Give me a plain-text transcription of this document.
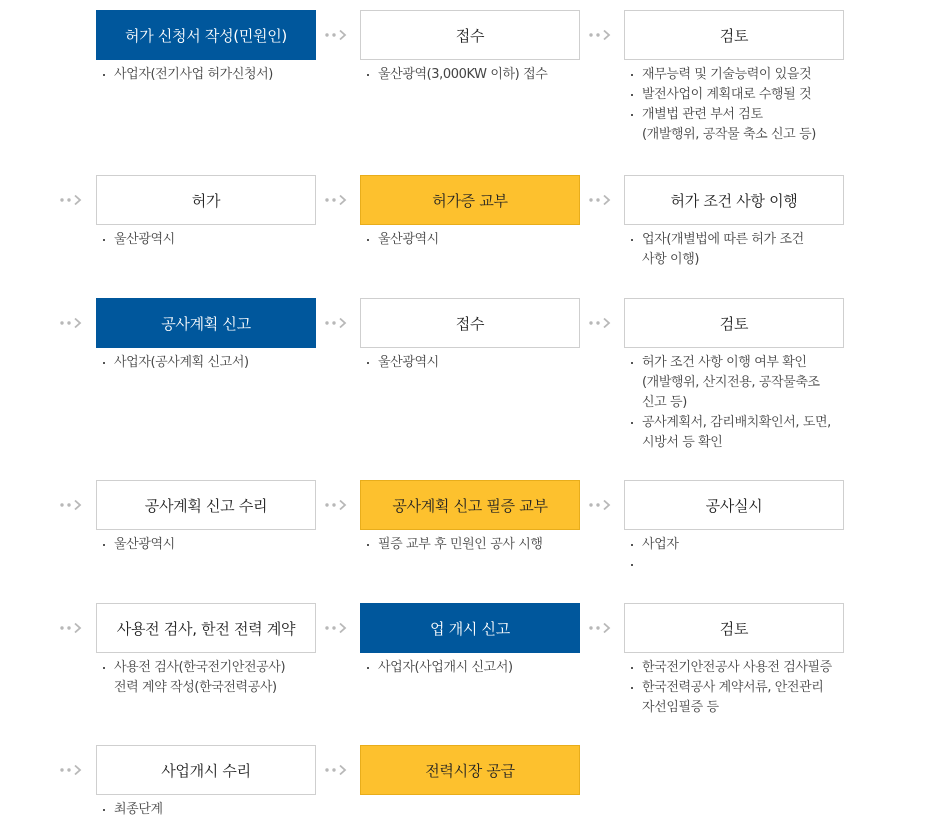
허가 신청서 작성(민원인)
사업자(전기사업 허가신청서)
접수
울산광역(3,000KW 이하) 접수
검토
재무능력 및 기술능력이 있을것
발전사업이 계획대로 수행될 것
개별법 관련 부서 검토
(개발행위, 공작물 축소 신고 등)
허가
울산광역시
허가증 교부
울산광역시
허가 조건 사항 이행
업자(개별법에 따른 허가 조건
사항 이행)
공사계획 신고
사업자(공사계획 신고서)
접수
울산광역시
검토
허가 조건 사항 이행 여부 확인
(개발행위, 산지전용, 공작물축조
신고 등)
공사계획서, 감리배치확인서, 도면,
시방서 등 확인
공사계획 신고 수리
울산광역시
공사계획 신고 필증 교부
필증 교부 후 민원인 공사 시행
공사실시
사업자

사용전 검사, 한전 전력 계약
사용전 검사(한국전기안전공사)
전력 계약 작성(한국전력공사)
업 개시 신고
사업자(사업개시 신고서)
검토
한국전기안전공사 사용전 검사필증
한국전력공사 계약서류, 안전관리
자선임필증 등
사업개시 수리
최종단계
전력시장 공급
